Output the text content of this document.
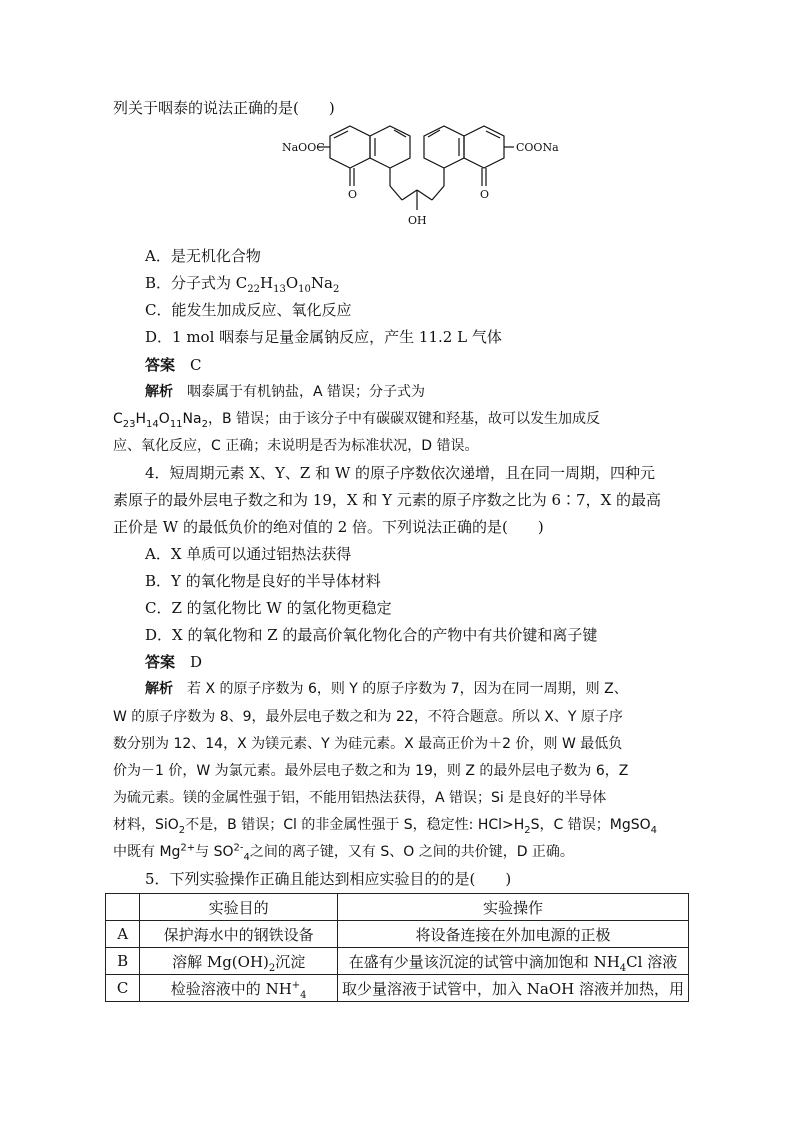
列关于咽泰的说法正确的是(　　)
NaOOC	COONa
O	O
OH
A．是无机化合物
B．分子式为 $C_{22}H_{13}O_{10}Na_2$
C．能发生加成反应、氧化反应
D．1 mol 咽泰与足量金属钠反应，产生 11.2 L 气体
答案　 C
解析　 咽泰属于有机钠盐，A 错误；分子式为
$C_{23}H_{14}O_{11}Na_2$，B 错误；由于该分子中有碳碳双键和羟基，故可以发生加成反
应、氧化反应，C 正确；未说明是否为标准状况，D 错误。
4．短周期元素 X、Y、Z 和 W 的原子序数依次递增，且在同一周期，四种元
素原子的最外层电子数之和为 19，X 和 Y 元素的原子序数之比为 6∶7，X 的最高
正价是 W 的最低负价的绝对值的 2 倍。下列说法正确的是(　　)
A．X 单质可以通过铝热法获得
B．Y 的氧化物是良好的半导体材料
C．Z 的氢化物比 W 的氢化物更稳定
D．X 的氧化物和 Z 的最高价氧化物化合的产物中有共价键和离子键
答案　 D
解析　 若 X 的原子序数为 6，则 Y 的原子序数为 7，因为在同一周期，则 Z、
W 的原子序数为 8、9，最外层电子数之和为 22，不符合题意。所以 X、Y 原子序
数分别为 12、14，X 为镁元素、Y 为硅元素。X 最高正价为＋2 价，则 W 最低负
价为－1 价，W 为氯元素。最外层电子数之和为 19，则 Z 的最外层电子数为 6，Z
为硫元素。镁的金属性强于铝，不能用铝热法获得，A 错误；Si 是良好的半导体
材料，SiO$_2$不是，B 错误；Cl 的非金属性强于 S，稳定性: $HCl>H_2S$，C 错误；MgSO$_4$
中既有 $Mg^{2+}$与 $SO^{2-}_4$之间的离子键，又有 S、O 之间的共价键，D 正确。
5．下列实验操作正确且能达到相应实验目的的是(　　)
	实验目的	实验操作
A	保护海水中的钢铁设备	将设备连接在外加电源的正极
B	溶解 $Mg(OH)_2$沉淀	在盛有少量该沉淀的试管中滴加饱和 $NH_4Cl$ 溶液
C	检验溶液中的 $NH^+_4$	取少量溶液于试管中，加入 NaOH 溶液并加热，用
